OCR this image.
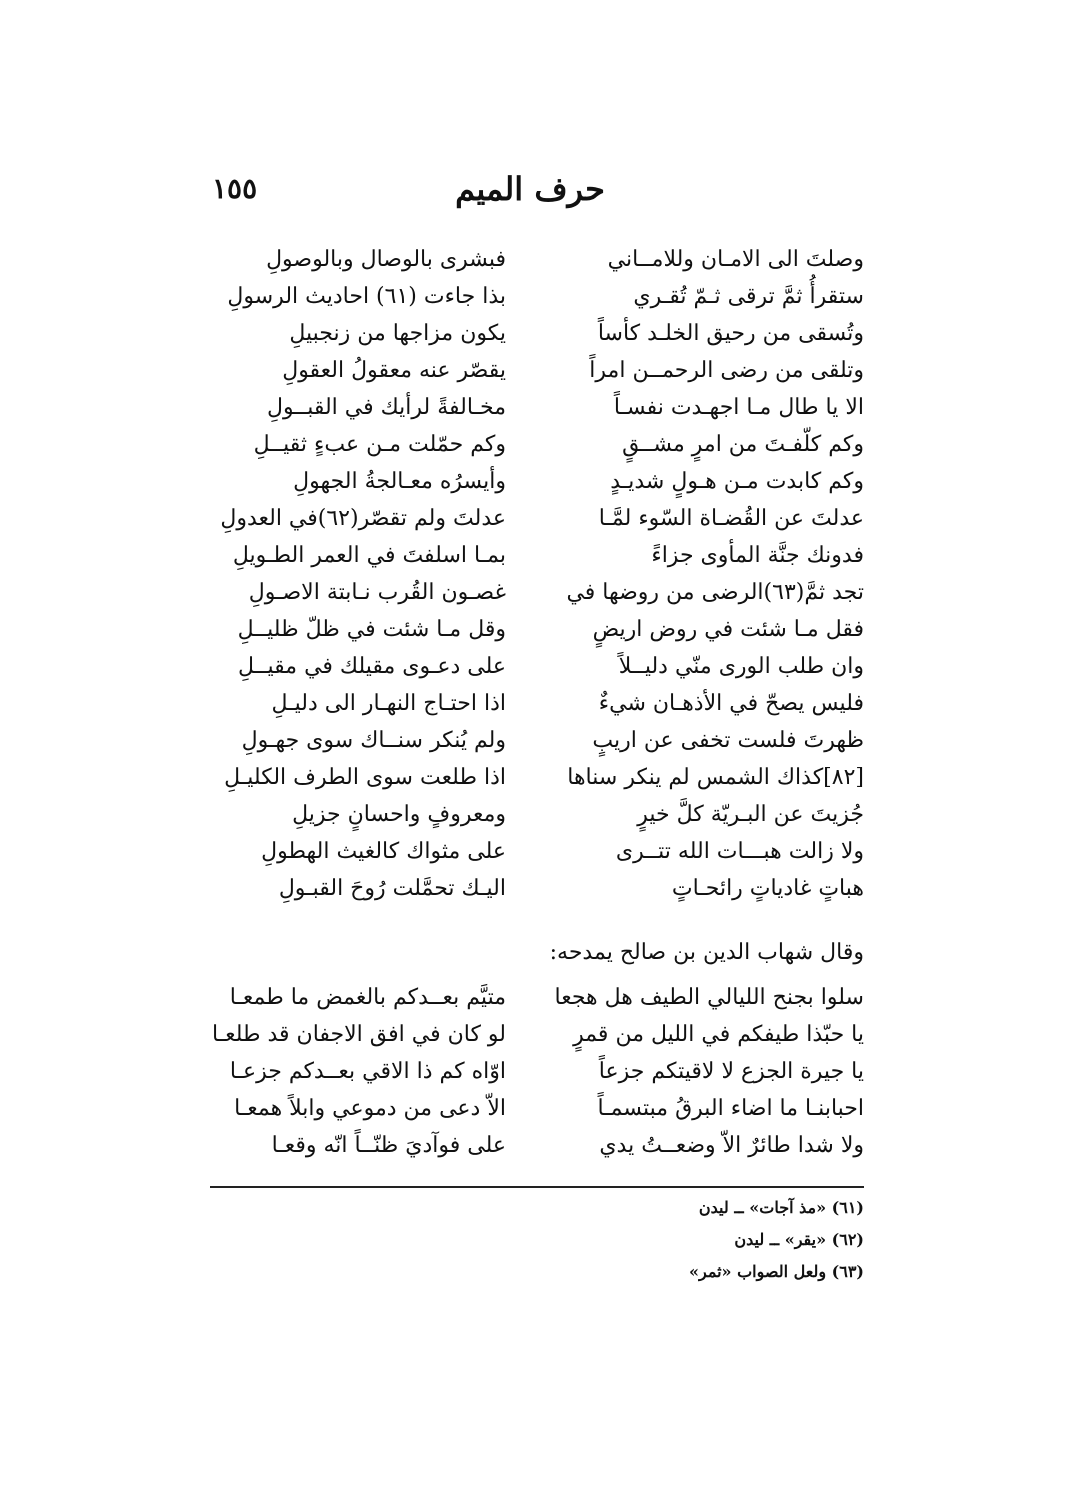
١٥٥	حرف الميم
وصلتَ الى الامـان وللامــاني
ستقرأُ ثمَّ ترقى ثـمّ تُقـري
وتُسقى من رحيق الخلـد كأساً
وتلقى من رضى الرحمــن امراً
الا يا طال مـا اجهـدت نفسـاً
وكم كلّفـتَ من امرٍ مشــقٍ
وكم كابدت مـن هـولٍ شديـدٍ
عدلتَ عن القُضـاة السّوء لمَّـا
فدونك جنَّة المأوى جزاءً
تجد ثمَّ(٦٣)الرضى من روضها في
فقل مـا شئت في روض اريضٍ
وان طلب الورى منّي دليــلاً
فليس يصحّ في الأذهـان شيءٌ
ظهرتَ فلست تخفى عن اريبٍ
[٨٢]كذاك الشمس لم ينكر سناها
جُزيتَ عن البـريّة كلَّ خيرٍ
ولا زالت هبـــات الله تتــرى
هباتٍ غادياتٍ رائحـاتٍ
وقال شهاب الدين بن صالح يمدحه:
سلوا بجنح الليالي الطيف هل هجعا
يا حبّذا طيفكم في الليل من قمرٍ
يا جيرة الجزع لا لاقيتكم جزعاً
احبابنـا ما اضاء البرقُ مبتسمـاً
ولا شدا طائرٌ الاّ وضعــتُ يدي
فبشرى بالوصال وبالوصولِ
بذا جاءت (٦١) احاديث الرسولِ
يكون مزاجها من زنجبيلِ
يقصّر عنه معقولُ العقولِ
مخـالفةً لرأيك في القبــولِ
وكم حمّلت مـن عبءٍ ثقيــلِ
وأيسرُه معـالجةُ الجهولِ
عدلتَ ولم تقصّر(٦٢)في العدولِ
بمـا اسلفتَ في العمر الطـويلِ
غصـون القُرب نـابتة الاصـولِ
وقل مـا شئت في ظلّ ظليــلِ
على دعـوى مقيلك في مقيــلِ
اذا احتـاج النهـار الى دليـلِ
ولم يُنكر سنــاك سوى جهـولِ
اذا طلعت سوى الطرف الكليـلِ
ومعروفٍ واحسانٍ جزيلِ
على مثواك كالغيث الهطولِ
اليـك تحمَّلت رُوحَ القبـولِ
متيَّم بعــدكم بالغمض ما طمعـا
لو كان في افق الاجفان قد طلعـا
اوّاه كم ذا الاقي بعــدكم جزعـا
الاّ دعى من دموعي وابلاً همعـا
على فوآديَ ظنّــاً انّه وقعـا
(٦١) «مذ آجات» ــ ليدن
(٦٢) «يقر» ــ ليدن
(٦٣) ولعل الصواب «ثمر»
